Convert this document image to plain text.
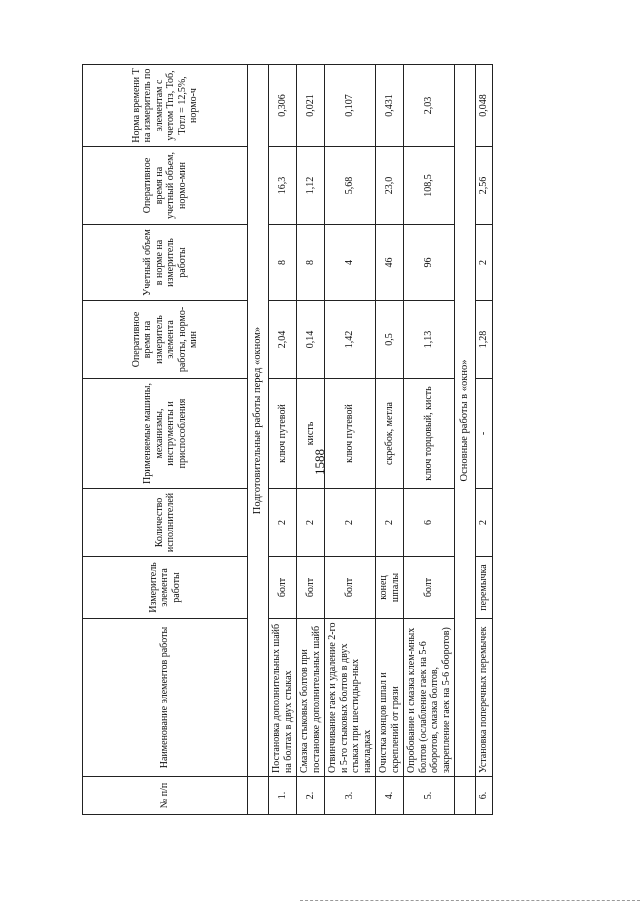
1588
№ п/п	Наименование элементов работы	Измеритель элемента работы	Количество исполнителей	Применяемые машины, механизмы, инструменты и приспособления	Оперативное время на измеритель элемента работы, нормо-мин	Учетный объем в норме на измеритель работы	Оперативное время на учетный объем, нормо-мин	Норма времени Т на измеритель по элементам с учетом Тпз, Тоб, Тотл = 12,5%, нормо-ч
	Подготовительные работы перед «окном»							
1.	Постановка дополнительных шайб на болтах в двух стыках	болт	2	ключ путевой	2,04	8	16,3	0,306
2.	Смазка стыковых болтов при постановке дополнительных шайб	болт	2	кисть	0,14	8	1,12	0,021
3.	Отвинчивание гаек и удаление 2-го и 5-го стыковых болтов в двух стыках при шестидыр-ных накладках	болт	2	ключ путевой	1,42	4	5,68	0,107
4.	Очистка концов шпал и скреплений от грязи	конец шпалы	2	скребок, метла	0,5	46	23,0	0,431
5.	Опробование и смазка клем-мных болтов (ослабление гаек на 5-6 оборотов, смазка болтов, закрепление гаек на 5-6 оборотов)	болт	6	ключ торцовый, кисть	1,13	96	108,5	2,03
	Основные работы в «окно»							
6.	Установка поперечных перемычек	перемычка	2	-	1,28	2	2,56	0,048
